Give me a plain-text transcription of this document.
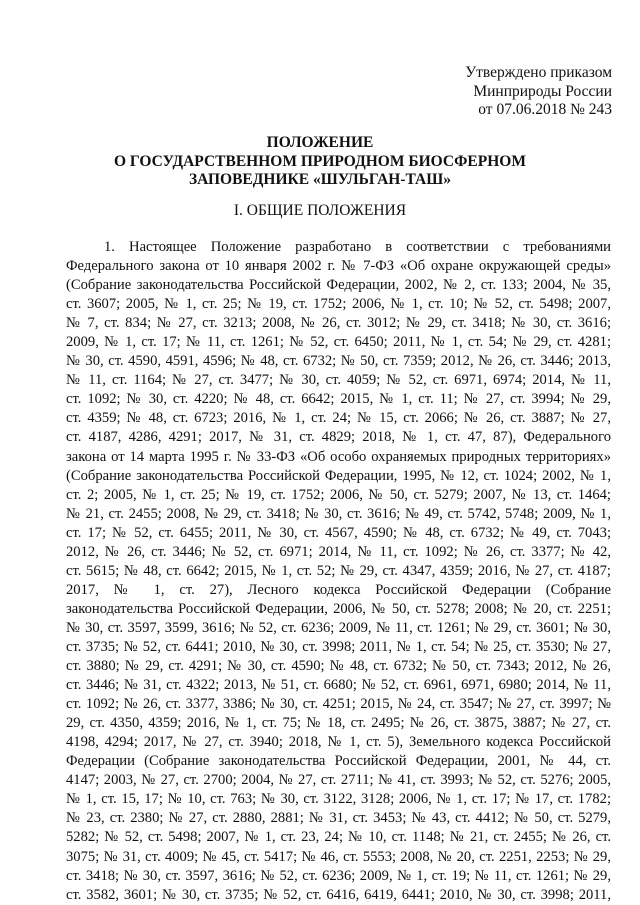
Утверждено приказом
Минприроды России
от 07.06.2018 № 243
ПОЛОЖЕНИЕ
О ГОСУДАРСТВЕННОМ ПРИРОДНОМ БИОСФЕРНОМ
ЗАПОВЕДНИКЕ «ШУЛЬГАН-ТАШ»
I. ОБЩИЕ ПОЛОЖЕНИЯ
1. Настоящее Положение разработано в соответствии с требованиями
Федерального закона от 10 января 2002 г. № 7-ФЗ «Об охране окружающей среды»
(Собрание законодательства Российской Федерации, 2002, № 2, ст. 133; 2004, № 35,
ст. 3607; 2005, № 1, ст. 25; № 19, ст. 1752; 2006, № 1, ст. 10; № 52, ст. 5498; 2007,
№ 7, ст. 834; № 27, ст. 3213; 2008, № 26, ст. 3012; № 29, ст. 3418; № 30, ст. 3616;
2009, № 1, ст. 17; № 11, ст. 1261; № 52, ст. 6450; 2011, № 1, ст. 54; № 29, ст. 4281;
№ 30, ст. 4590, 4591, 4596; № 48, ст. 6732; № 50, ст. 7359; 2012, № 26, ст. 3446; 2013,
№ 11, ст. 1164; № 27, ст. 3477; № 30, ст. 4059; № 52, ст. 6971, 6974; 2014, № 11,
ст. 1092; № 30, ст. 4220; № 48, ст. 6642; 2015, № 1, ст. 11; № 27, ст. 3994; № 29,
ст. 4359; № 48, ст. 6723; 2016, № 1, ст. 24; № 15, ст. 2066; № 26, ст. 3887; № 27,
ст. 4187, 4286, 4291; 2017, № 31, ст. 4829; 2018, № 1, ст. 47, 87), Федерального
закона от 14 марта 1995 г. № 33-ФЗ «Об особо охраняемых природных территориях»
(Собрание законодательства Российской Федерации, 1995, № 12, ст. 1024; 2002, № 1,
ст. 2; 2005, № 1, ст. 25; № 19, ст. 1752; 2006, № 50, ст. 5279; 2007, № 13, ст. 1464;
№ 21, ст. 2455; 2008, № 29, ст. 3418; № 30, ст. 3616; № 49, ст. 5742, 5748; 2009, № 1,
ст. 17; № 52, ст. 6455; 2011, № 30, ст. 4567, 4590; № 48, ст. 6732; № 49, ст. 7043;
2012, № 26, ст. 3446; № 52, ст. 6971; 2014, № 11, ст. 1092; № 26, ст. 3377; № 42,
ст. 5615; № 48, ст. 6642; 2015, № 1, ст. 52; № 29, ст. 4347, 4359; 2016, № 27, ст. 4187;
2017, № 1, ст. 27), Лесного кодекса Российской Федерации (Собрание
законодательства Российской Федерации, 2006, № 50, ст. 5278; 2008; № 20, ст. 2251;
№ 30, ст. 3597, 3599, 3616; № 52, ст. 6236; 2009, № 11, ст. 1261; № 29, ст. 3601; № 30,
ст. 3735; № 52, ст. 6441; 2010, № 30, ст. 3998; 2011, № 1, ст. 54; № 25, ст. 3530; № 27,
ст. 3880; № 29, ст. 4291; № 30, ст. 4590; № 48, ст. 6732; № 50, ст. 7343; 2012, № 26,
ст. 3446; № 31, ст. 4322; 2013, № 51, ст. 6680; № 52, ст. 6961, 6971, 6980; 2014, № 11,
ст. 1092; № 26, ст. 3377, 3386; № 30, ст. 4251; 2015, № 24, ст. 3547; № 27, ст. 3997; №
29, ст. 4350, 4359; 2016, № 1, ст. 75; № 18, ст. 2495; № 26, ст. 3875, 3887; № 27, ст.
4198, 4294; 2017, № 27, ст. 3940; 2018, № 1, ст. 5), Земельного кодекса Российской
Федерации (Собрание законодательства Российской Федерации, 2001, № 44, ст.
4147; 2003, № 27, ст. 2700; 2004, № 27, ст. 2711; № 41, ст. 3993; № 52, ст. 5276; 2005,
№ 1, ст. 15, 17; № 10, ст. 763; № 30, ст. 3122, 3128; 2006, № 1, ст. 17; № 17, ст. 1782;
№ 23, ст. 2380; № 27, ст. 2880, 2881; № 31, ст. 3453; № 43, ст. 4412; № 50, ст. 5279,
5282; № 52, ст. 5498; 2007, № 1, ст. 23, 24; № 10, ст. 1148; № 21, ст. 2455; № 26, ст.
3075; № 31, ст. 4009; № 45, ст. 5417; № 46, ст. 5553; 2008, № 20, ст. 2251, 2253; № 29,
ст. 3418; № 30, ст. 3597, 3616; № 52, ст. 6236; 2009, № 1, ст. 19; № 11, ст. 1261; № 29,
ст. 3582, 3601; № 30, ст. 3735; № 52, ст. 6416, 6419, 6441; 2010, № 30, ст. 3998; 2011,
